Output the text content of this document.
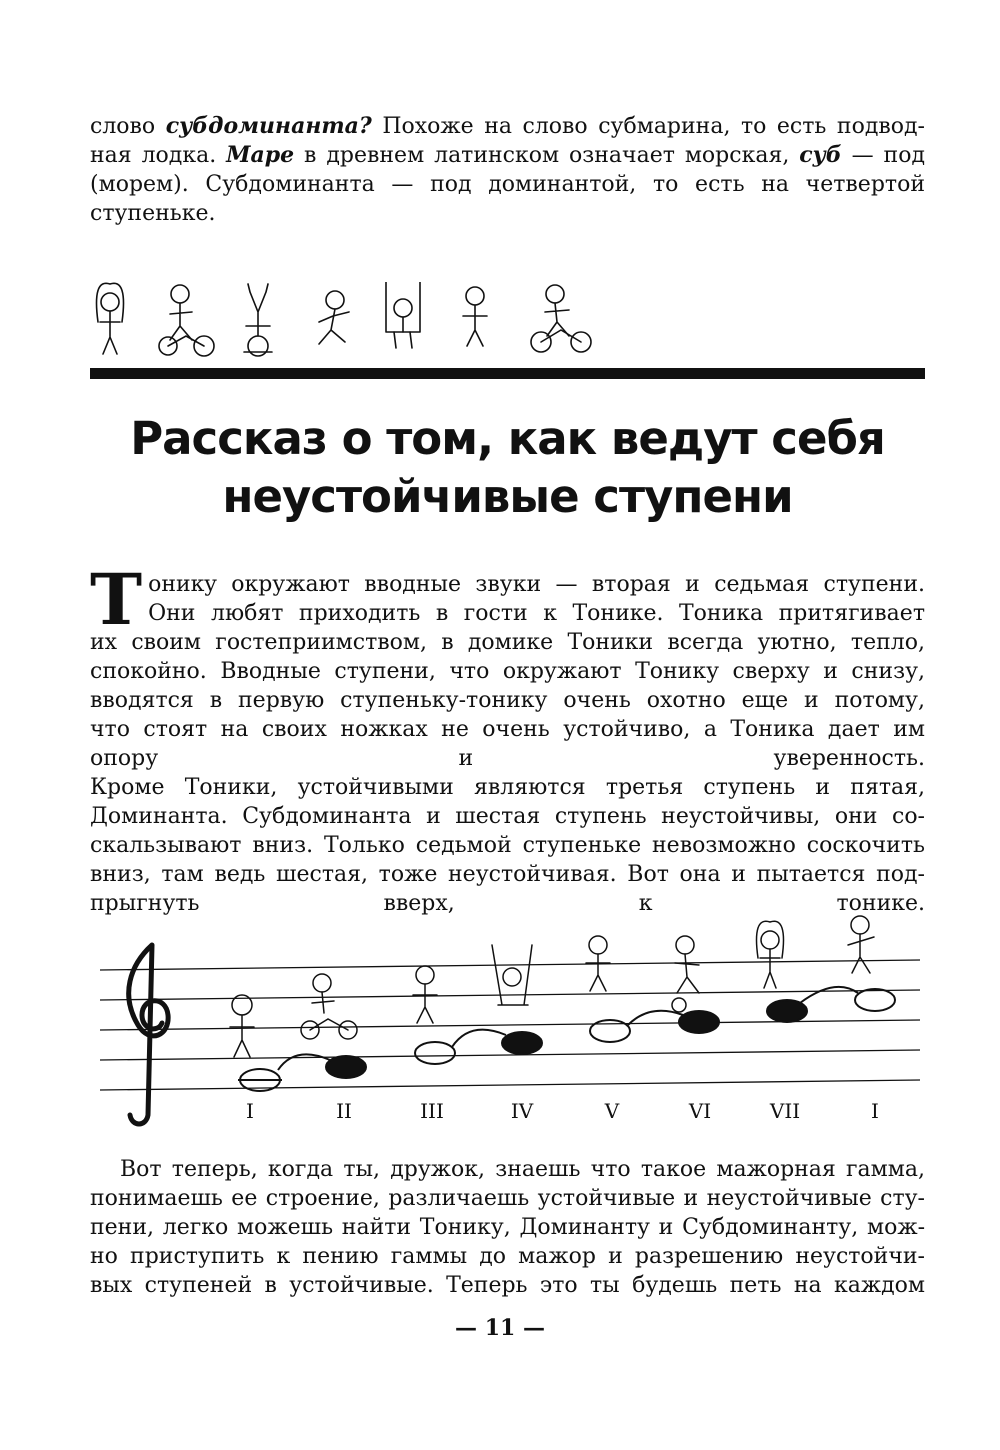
слово субдоминанта? Похоже на слово субмарина, то есть подвод-
ная лодка. Маре в древнем латинском означает морская, суб — под
(морем). Субдоминанта — под доминантой, то есть на четвертой
ступеньке.
Рассказ о том, как ведут себя
неустойчивые ступени
Т оникy окружают вводные звуки — вторая и седьмая ступени.
Они любят приходить в гости к Тонике. Тоника притягивает
их своим гостеприимством, в домике Тоники всегда уютно, тепло,
спокойно. Вводные ступени, что окружают Тонику сверху и снизу,
вводятся в первую ступеньку-тонику очень охотно еще и потому,
что стоят на своих ножках не очень устойчиво, а Тоника дает им
опору и уверенность.
Кроме Тоники, устойчивыми являются третья ступень и пятая,
Доминанта. Субдоминанта и шестая ступень неустойчивы, они со-
скальзывают вниз. Только седьмой ступеньке невозможно соскочить
вниз, там ведь шестая, тоже неустойчивая. Вот она и пытается под-
прыгнуть вверх, к тонике.
I	II	III	IV	V	VI	VII	I
Вот теперь, когда ты, дружок, знаешь что такое мажорная гамма,
понимаешь ее строение, различаешь устойчивые и неустойчивые сту-
пени, легко можешь найти Тонику, Доминанту и Субдоминанту, мож-
но приступить к пению гаммы до мажор и разрешению неустойчи-
вых ступеней в устойчивые. Теперь это ты будешь петь на каждом
— 11 —
